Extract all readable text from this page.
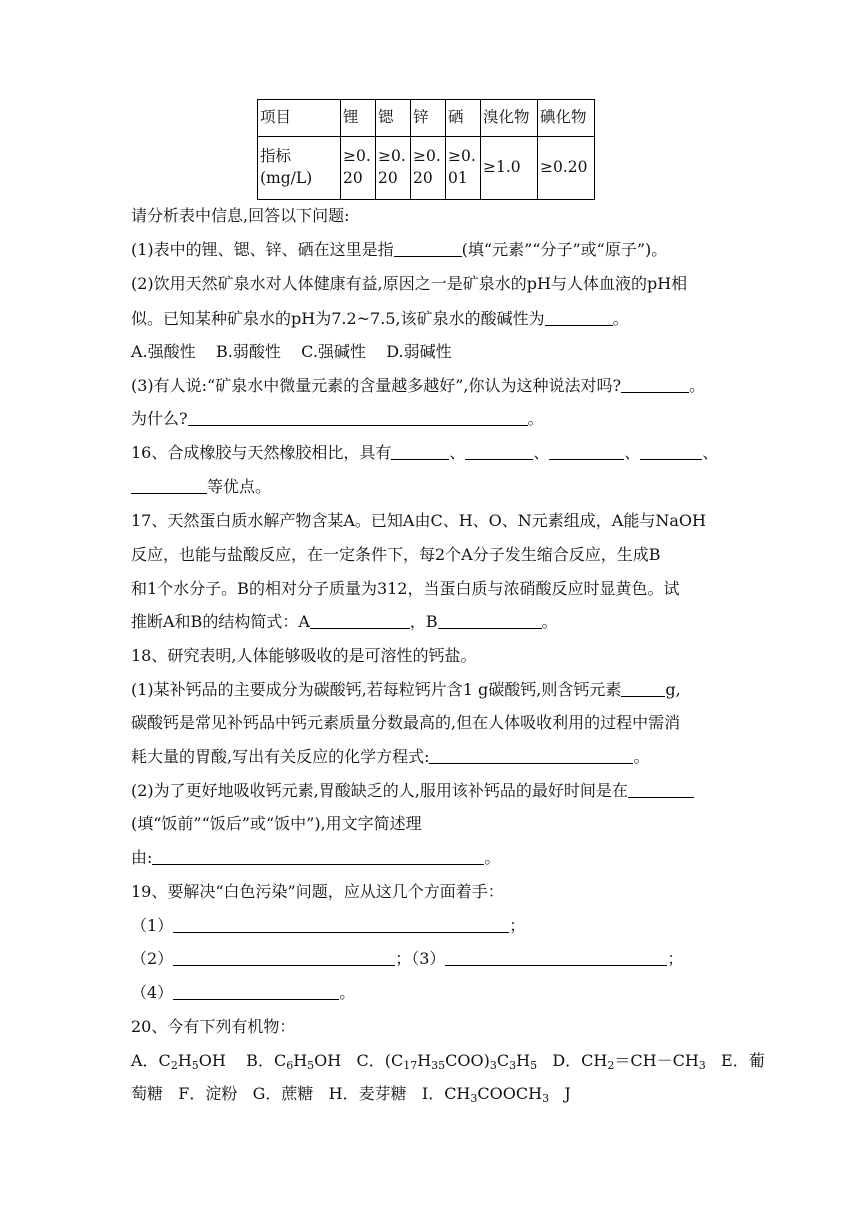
项目	锂	锶	锌	硒	溴化物	碘化物
指标
(mg/L)	≥0.20	≥0.20	≥0.20	≥0.01	≥1.0	≥0.20
请分析表中信息,回答以下问题:
(1)表中的锂、锶、锌、硒在这里是指	(填“元素”“分子”或“原子”)。
(2)饮用天然矿泉水对人体健康有益,原因之一是矿泉水的pH与人体血液的pH相
似。已知某种矿泉水的pH为7.2~7.5,该矿泉水的酸碱性为	。
A.强酸性    B.弱酸性    C.强碱性    D.弱碱性
(3)有人说:“矿泉水中微量元素的含量越多越好”,你认为这种说法对吗?	。
为什么?	。
16、合成橡胶与天然橡胶相比，具有	、	、	、	、
等优点。
17、天然蛋白质水解产物含某A。已知A由C、H、O、N元素组成，A能与NaOH
反应，也能与盐酸反应，在一定条件下，每2个A分子发生缩合反应，生成B
和1个水分子。B的相对分子质量为312，当蛋白质与浓硝酸反应时显黄色。试
推断A和B的结构简式：A	，B	。
18、研究表明,人体能够吸收的是可溶性的钙盐。
(1)某补钙品的主要成分为碳酸钙,若每粒钙片含1 g碳酸钙,则含钙元素	g,
碳酸钙是常见补钙品中钙元素质量分数最高的,但在人体吸收利用的过程中需消
耗大量的胃酸,写出有关反应的化学方程式:	。
(2)为了更好地吸收钙元素,胃酸缺乏的人,服用该补钙品的最好时间是在
(填“饭前”“饭后”或“饭中”),用文字简述理
由:	。
19、要解决“白色污染”问题，应从这几个方面着手：
（1）	；
（2）	；（3）	；
（4）	。
20、今有下列有机物：
A．$C_2H_5OH$    B．$C_6H_5OH$   C．$(C_{17}H_{35}COO)_3C_3H_5$   D．$CH_2=CH-CH_3$   E．葡
萄糖   F．淀粉   G．蔗糖   H．麦芽糖   I．$CH_3COOCH_3$   J
